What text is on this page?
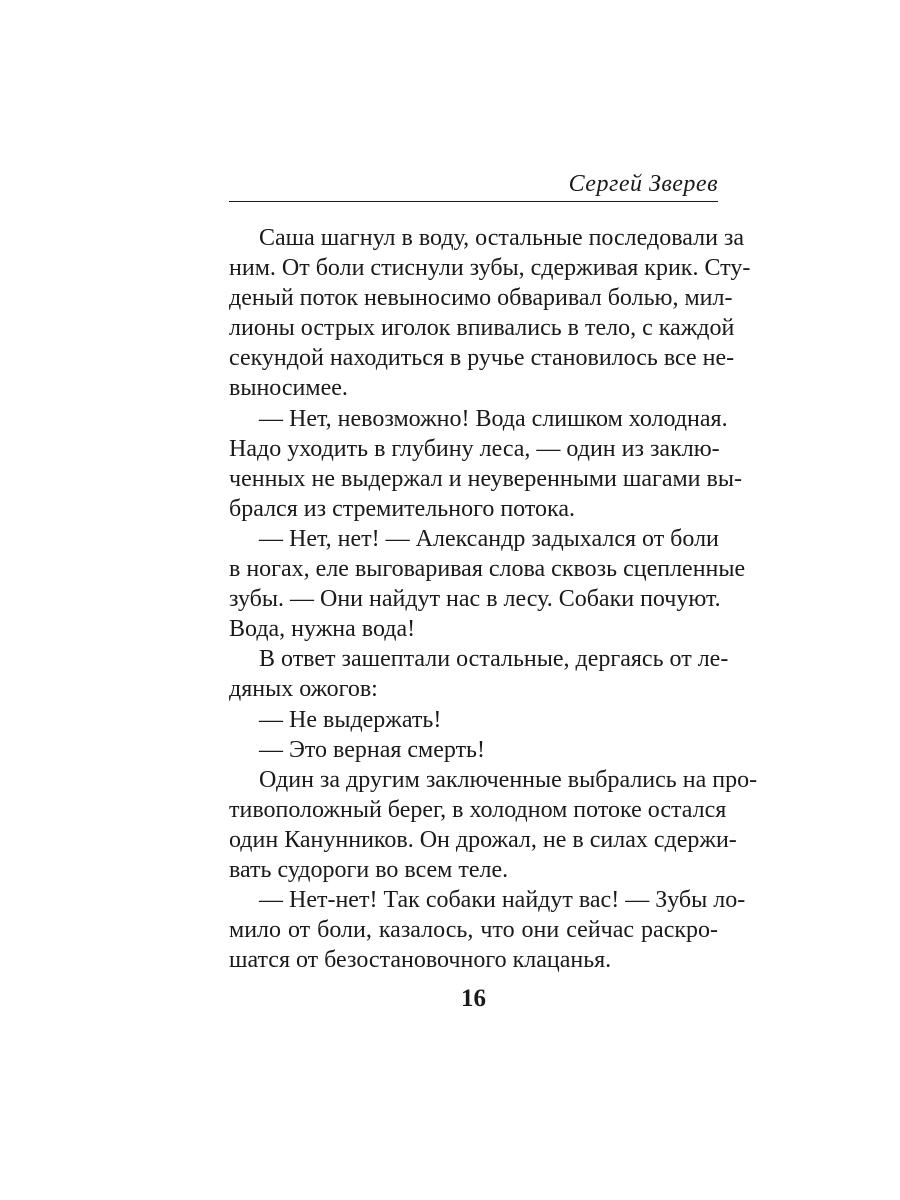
Сергей Зверев
Саша шагнул в воду, остальные последовали за
ним. От боли стиснули зубы, сдерживая крик. Сту-
деный поток невыносимо обваривал болью, мил-
лионы острых иголок впивались в тело, с каждой
секундой находиться в ручье становилось все не-
выносимее.
— Нет, невозможно! Вода слишком холодная.
Надо уходить в глубину леса, — один из заклю-
ченных не выдержал и неуверенными шагами вы-
брался из стремительного потока.
— Нет, нет! — Александр задыхался от боли
в ногах, еле выговаривая слова сквозь сцепленные
зубы. — Они найдут нас в лесу. Собаки почуют.
Вода, нужна вода!
В ответ зашептали остальные, дергаясь от ле-
дяных ожогов:
— Не выдержать!
— Это верная смерть!
Один за другим заключенные выбрались на про-
тивоположный берег, в холодном потоке остался
один Канунников. Он дрожал, не в силах сдержи-
вать судороги во всем теле.
— Нет-нет! Так собаки найдут вас! — Зубы ло-
мило от боли, казалось, что они сейчас раскро-
шатся от безостановочного клацанья.
16
